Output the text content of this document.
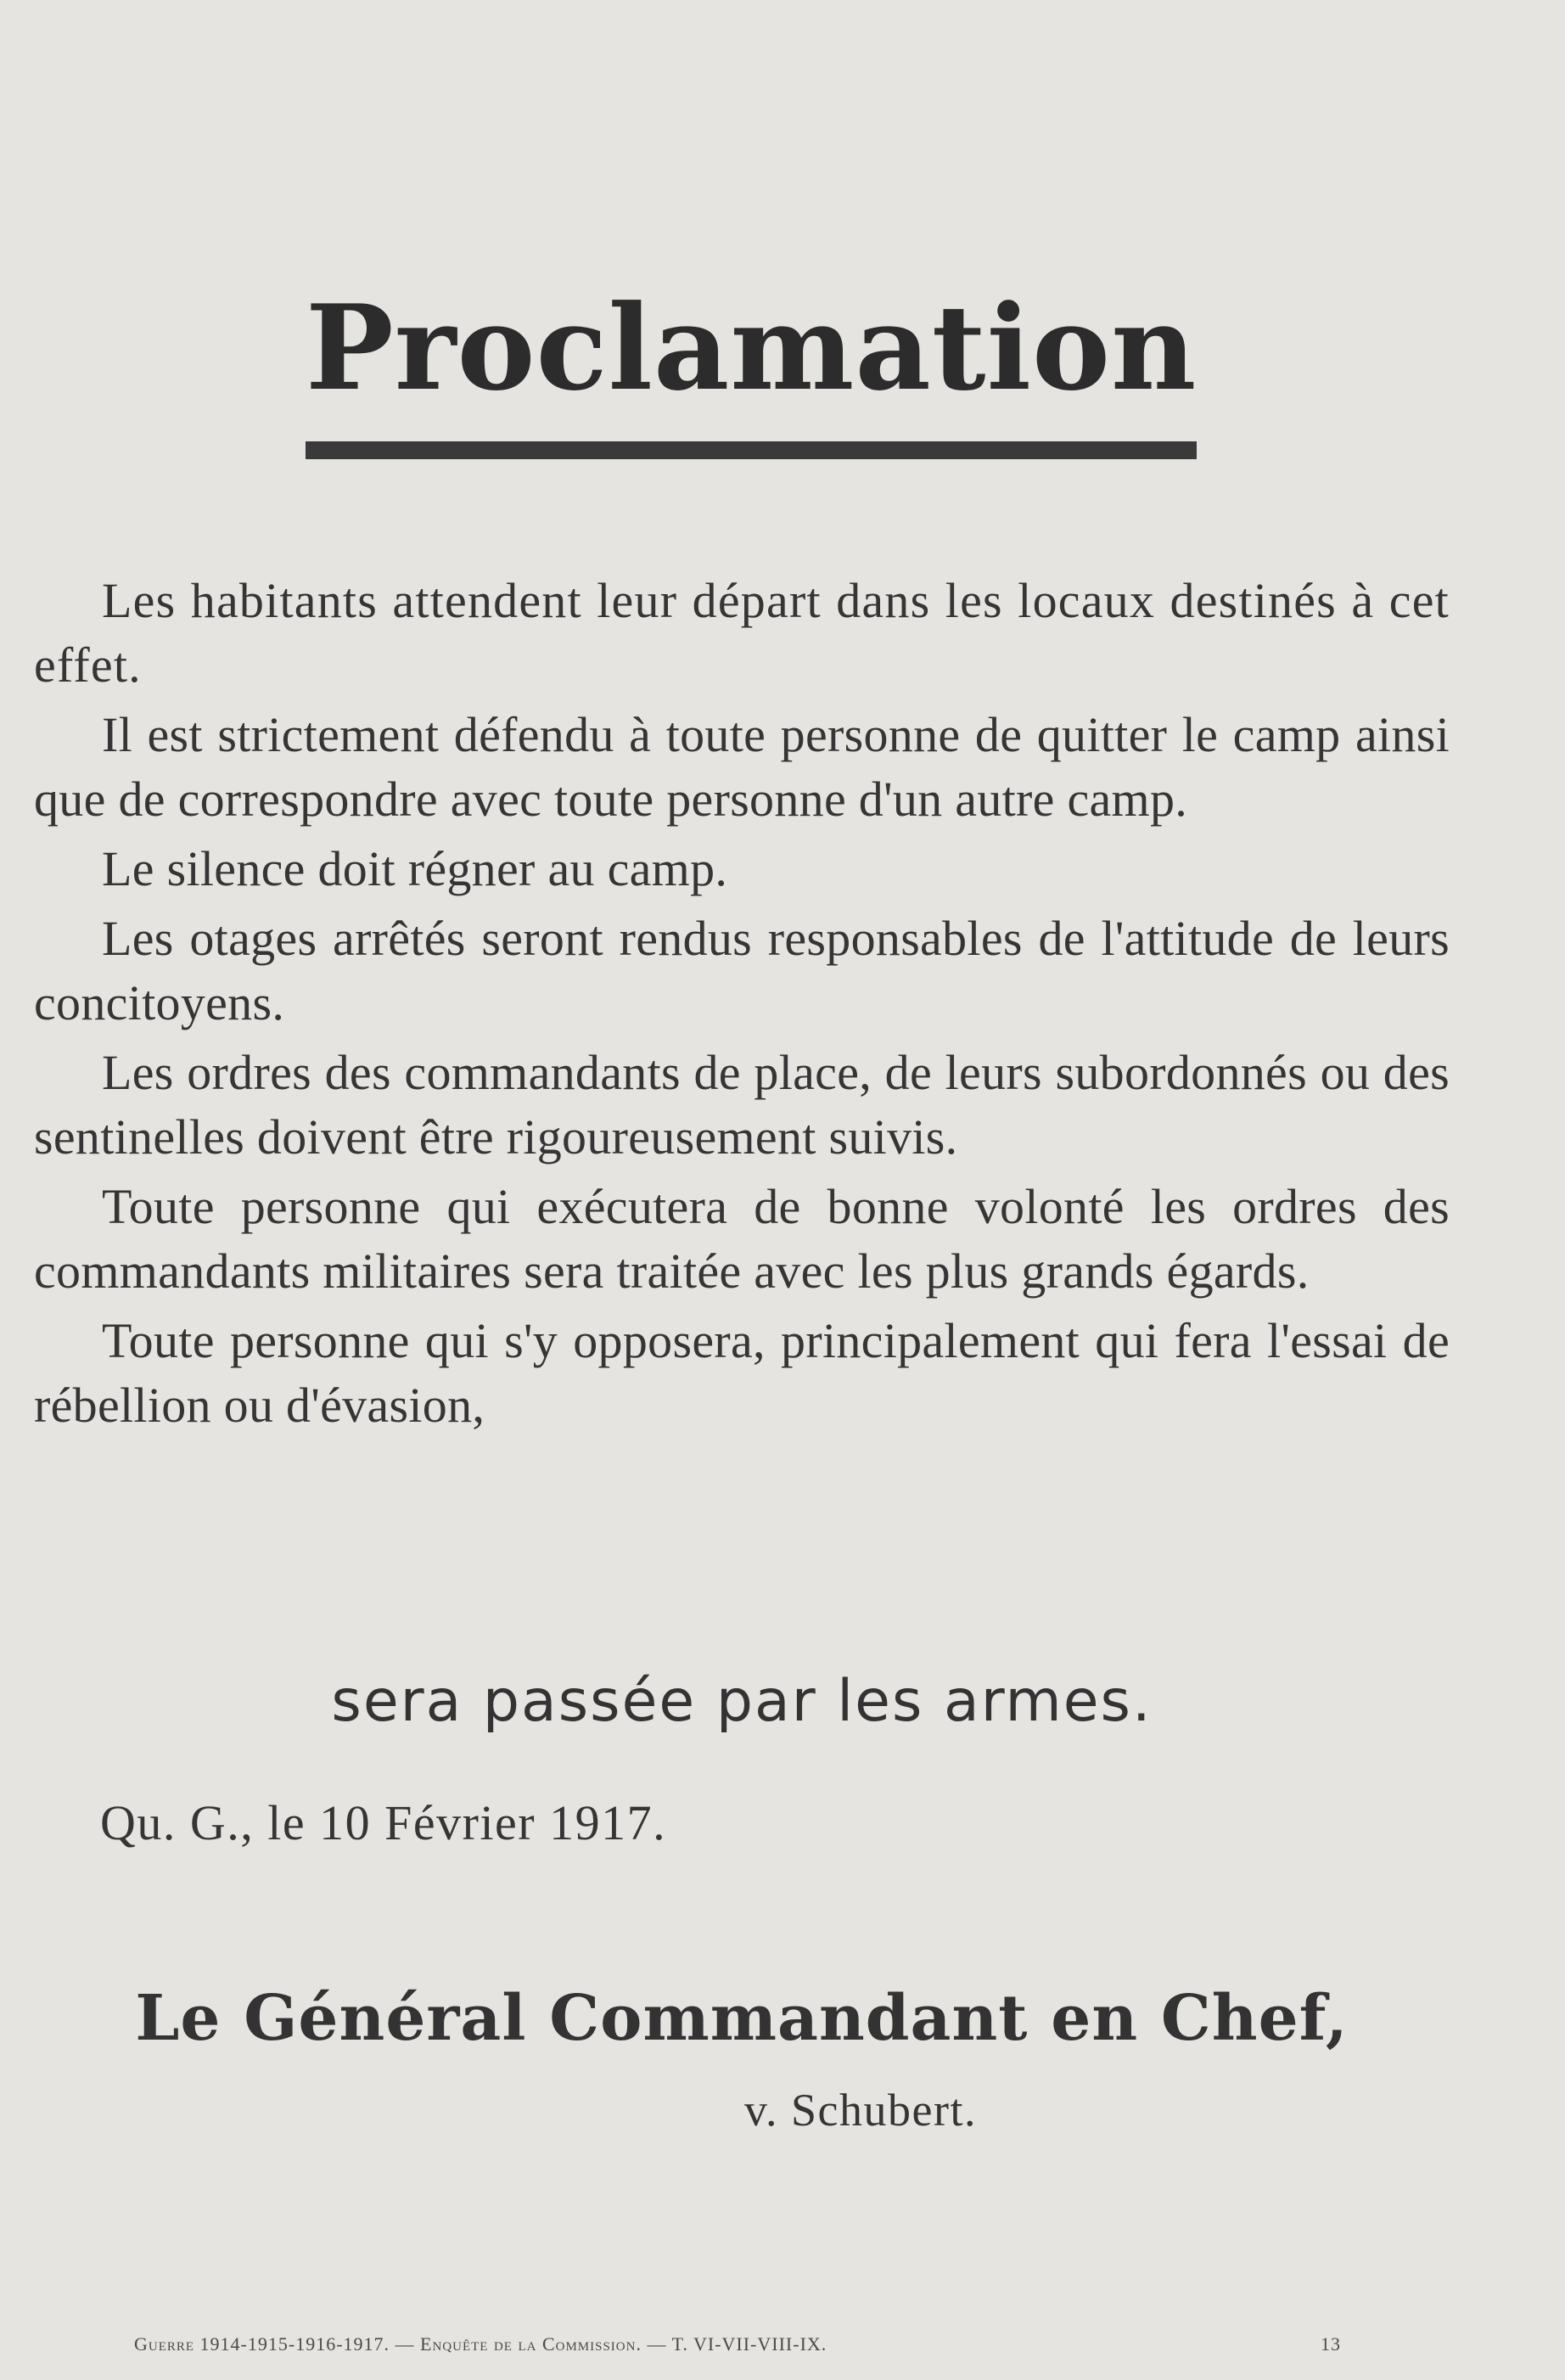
Proclamation

Les habitants attendent leur départ dans les locaux destinés à cet effet.

Il est strictement défendu à toute personne de quitter le camp ainsi que de correspondre avec toute personne d'un autre camp.

Le silence doit régner au camp.

Les otages arrêtés seront rendus responsables de l'attitude de leurs concitoyens.

Les ordres des commandants de place, de leurs subordonnés ou des sentinelles doivent être rigoureusement suivis.

Toute personne qui exécutera de bonne volonté les ordres des commandants militaires sera traitée avec les plus grands égards.

Toute personne qui s'y opposera, principalement qui fera l'essai de rébellion ou d'évasion,

sera passée par les armes.
Qu. G., le 10 Février 1917.
Le Général Commandant en Chef,
v. Schubert.
Guerre 1914-1915-1916-1917. — Enquête de la Commission. — T. VI-VII-VIII-IX.	13
